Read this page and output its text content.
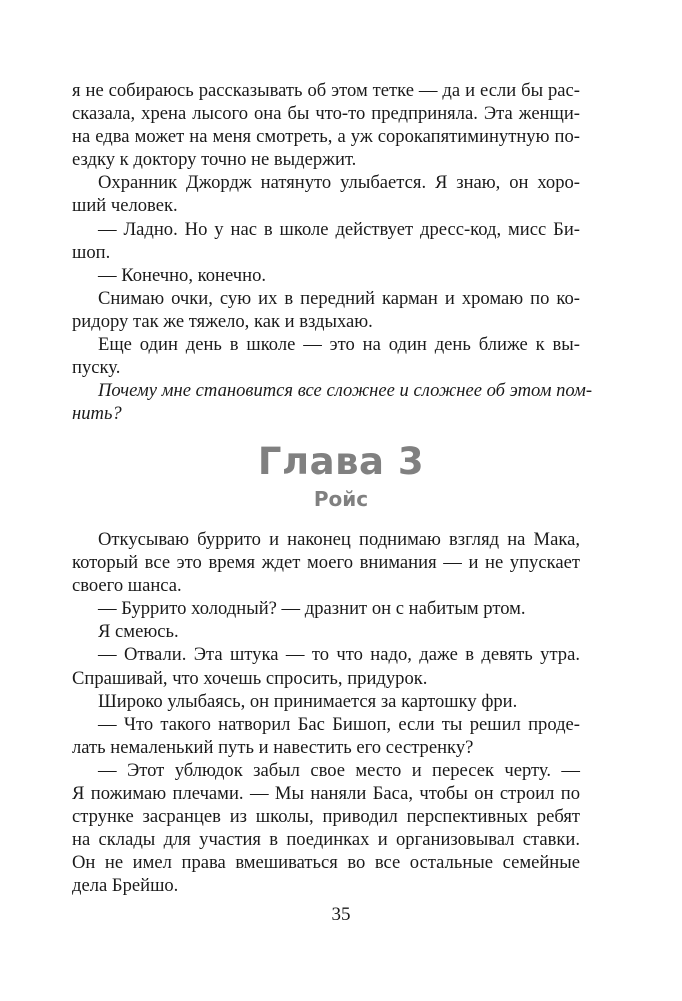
я не собираюсь рассказывать об этом тетке — да и если бы рас-
сказала, хрена лысого она бы что-то предприняла. Эта женщи-
на едва может на меня смотреть, а уж сорокапятиминутную по-
ездку к доктору точно не выдержит.
Охранник Джордж натянуто улыбается. Я знаю, он хоро-
ший человек.
— Ладно. Но у нас в школе действует дресс-код, мисс Би-
шоп.
— Конечно, конечно.
Снимаю очки, сую их в передний карман и хромаю по ко-
ридору так же тяжело, как и вздыхаю.
Еще один день в школе — это на один день ближе к вы-
пуску.
Почему мне становится все сложнее и сложнее об этом пом-
нить?
Глава 3
Ройс
Откусываю буррито и наконец поднимаю взгляд на Мака,
который все это время ждет моего внимания — и не упускает
своего шанса.
— Буррито холодный? — дразнит он с набитым ртом.
Я смеюсь.
— Отвали. Эта штука — то что надо, даже в девять утра.
Спрашивай, что хочешь спросить, придурок.
Широко улыбаясь, он принимается за картошку фри.
— Что такого натворил Бас Бишоп, если ты решил проде-
лать немаленький путь и навестить его сестренку?
— Этот ублюдок забыл свое место и пересек черту. —
Я пожимаю плечами. — Мы наняли Баса, чтобы он строил по
струнке засранцев из школы, приводил перспективных ребят
на склады для участия в поединках и организовывал ставки.
Он не имел права вмешиваться во все остальные семейные
дела Брейшо.
35
